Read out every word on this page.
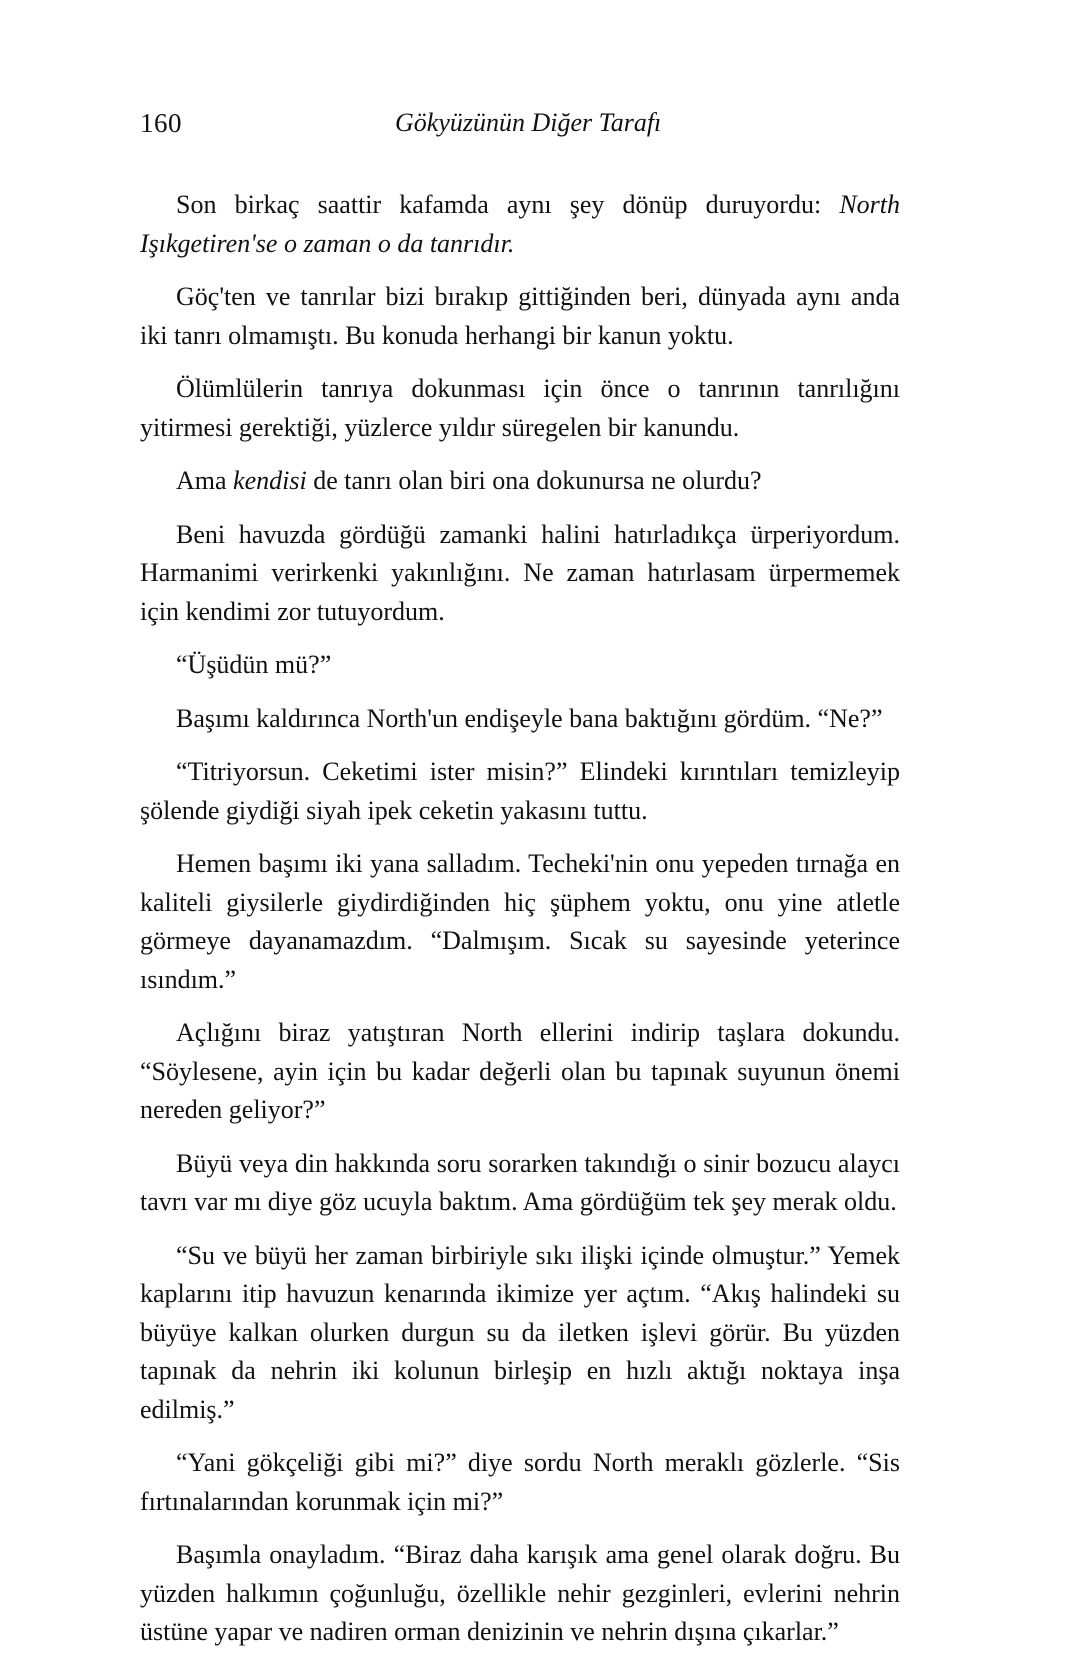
160	Gökyüzünün Diğer Tarafı

Son birkaç saattir kafamda aynı şey dönüp duruyordu: North Işıkgetiren'se o zaman o da tanrıdır.

Göç'ten ve tanrılar bizi bırakıp gittiğinden beri, dünyada aynı anda iki tanrı olmamıştı. Bu konuda herhangi bir kanun yoktu.

Ölümlülerin tanrıya dokunması için önce o tanrının tanrılığını yitirmesi gerektiği, yüzlerce yıldır süregelen bir kanundu.

Ama kendisi de tanrı olan biri ona dokunursa ne olurdu?

Beni havuzda gördüğü zamanki halini hatırladıkça ürperiyordum. Harmanimi verirkenki yakınlığını. Ne zaman hatırlasam ürpermemek için kendimi zor tutuyordum.

“Üşüdün mü?”

Başımı kaldırınca North'un endişeyle bana baktığını gördüm. “Ne?”

“Titriyorsun. Ceketimi ister misin?” Elindeki kırıntıları temizleyip şölende giydiği siyah ipek ceketin yakasını tuttu.

Hemen başımı iki yana salladım. Techeki'nin onu yepeden tırnağa en kaliteli giysilerle giydirdiğinden hiç şüphem yoktu, onu yine atletle görmeye dayanamazdım. “Dalmışım. Sıcak su sayesinde yeterince ısındım.”

Açlığını biraz yatıştıran North ellerini indirip taşlara dokundu. “Söylesene, ayin için bu kadar değerli olan bu tapınak suyunun önemi nereden geliyor?”

Büyü veya din hakkında soru sorarken takındığı o sinir bozucu alaycı tavrı var mı diye göz ucuyla baktım. Ama gördüğüm tek şey merak oldu.

“Su ve büyü her zaman birbiriyle sıkı ilişki içinde olmuştur.” Yemek kaplarını itip havuzun kenarında ikimize yer açtım. “Akış halindeki su büyüye kalkan olurken durgun su da iletken işlevi görür. Bu yüzden tapınak da nehrin iki kolunun birleşip en hızlı aktığı noktaya inşa edilmiş.”

“Yani gökçeliği gibi mi?” diye sordu North meraklı gözlerle. “Sis fırtınalarından korunmak için mi?”

Başımla onayladım. “Biraz daha karışık ama genel olarak doğru. Bu yüzden halkımın çoğunluğu, özellikle nehir gezginleri, evlerini nehrin üstüne yapar ve nadiren orman denizinin ve nehrin dışına çıkarlar.”
